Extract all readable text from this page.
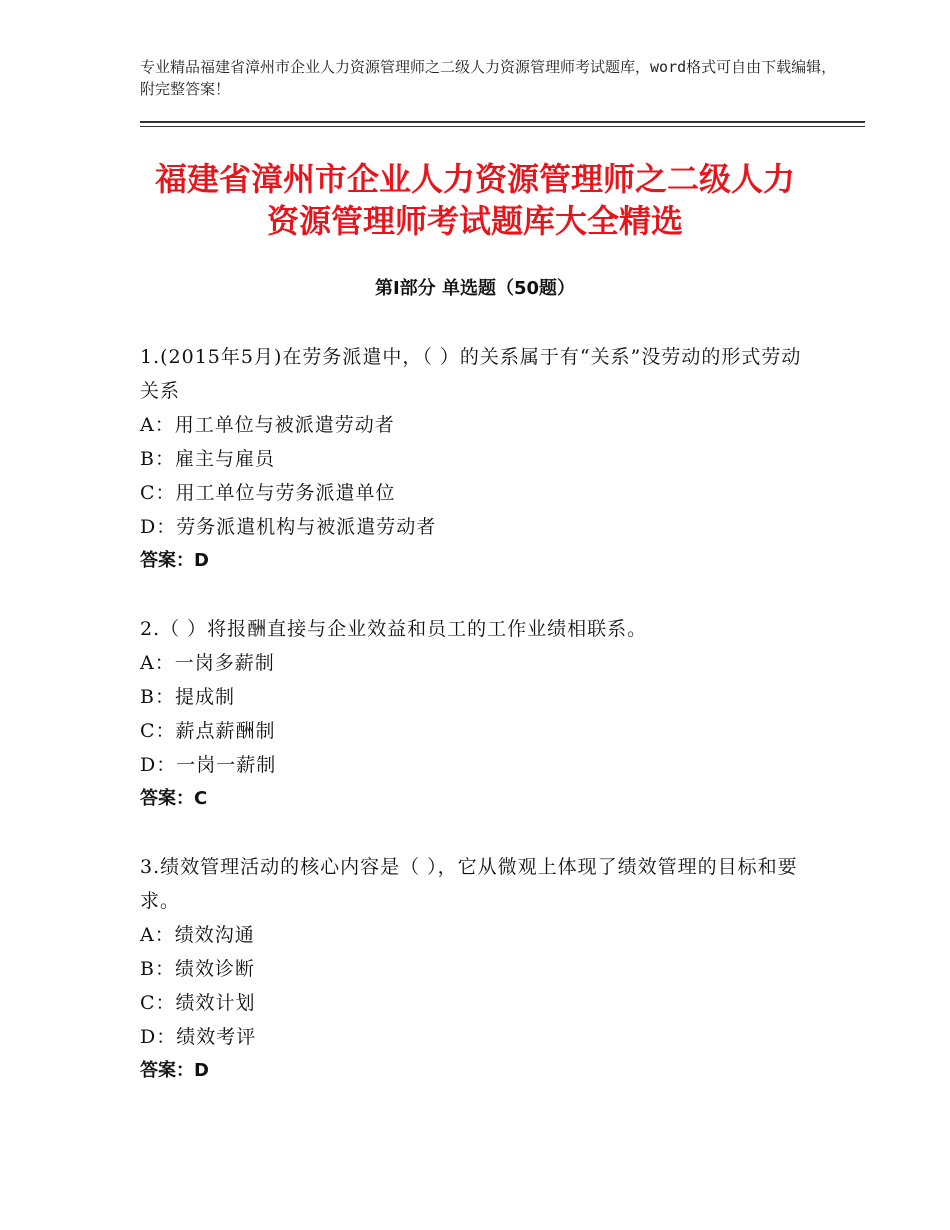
专业精品福建省漳州市企业人力资源管理师之二级人力资源管理师考试题库，word格式可自由下载编辑，附完整答案！
福建省漳州市企业人力资源管理师之二级人力资源管理师考试题库大全精选
第Ⅰ部分 单选题（50题）
1.(2015年5月)在劳务派遣中，（ ）的关系属于有“关系”没劳动的形式劳动关系
A：用工单位与被派遣劳动者
B：雇主与雇员
C：用工单位与劳务派遣单位
D：劳务派遣机构与被派遣劳动者
答案：D
2.（ ）将报酬直接与企业效益和员工的工作业绩相联系。
A：一岗多薪制
B：提成制
C：薪点薪酬制
D：一岗一薪制
答案：C
3.绩效管理活动的核心内容是（ ），它从微观上体现了绩效管理的目标和要求。
A：绩效沟通
B：绩效诊断
C：绩效计划
D：绩效考评
答案：D
